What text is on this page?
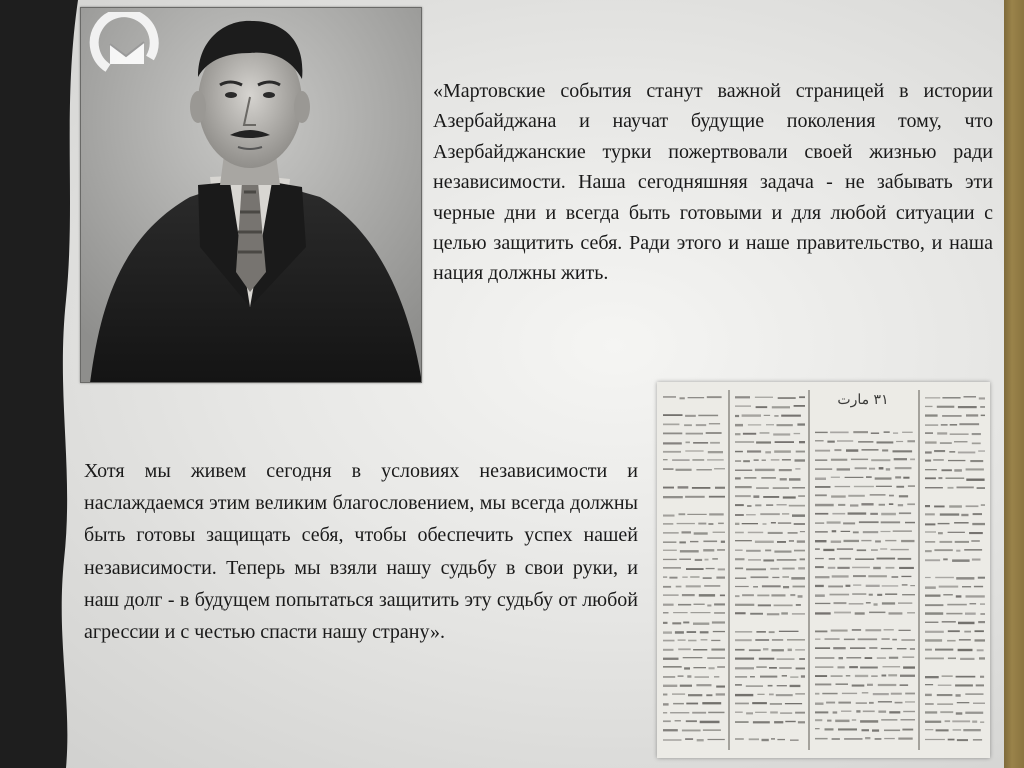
«Мартовские события станут важной страницей в истории Азербайджана и научат будущие поколения тому, что Азербайджанские турки пожертвовали своей жизнью ради независимости. Наша сегодняшняя задача - не забывать эти черные дни и всегда быть готовыми и для любой ситуации с целью защитить себя. Ради этого и наше правительство, и наша нация должны жить.

Хотя мы живем сегодня в условиях независимости и наслаждаемся этим великим благословением, мы всегда должны быть готовы защищать себя, чтобы обеспечить успех нашей независимости. Теперь мы взяли нашу судьбу в свои руки, и наш долг - в будущем попытаться защитить эту судьбу от любой агрессии и с честью спасти нашу страну».

٣١ مارت
